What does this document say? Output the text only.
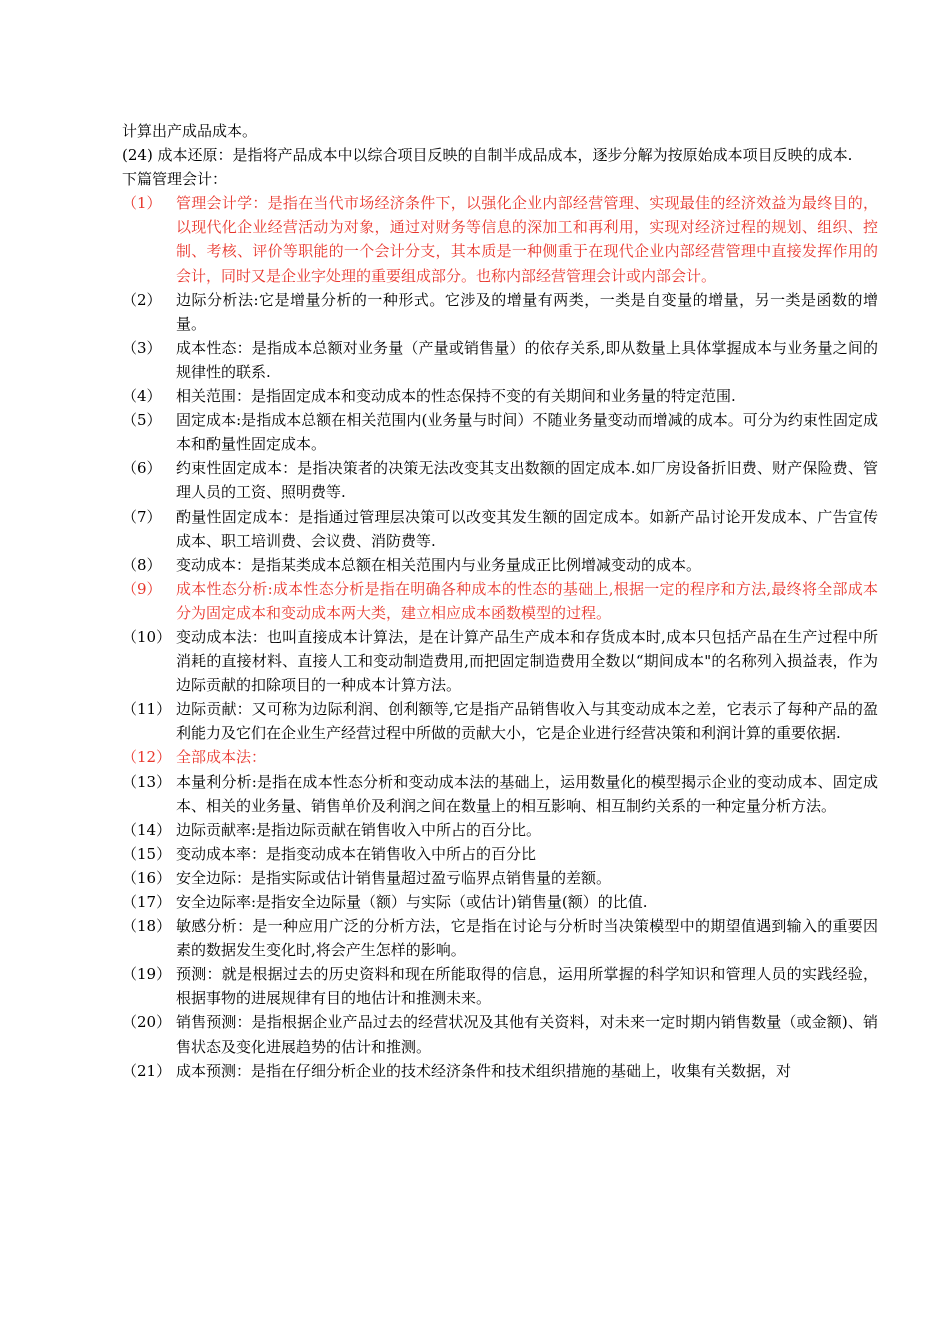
计算出产成品成本。

(24) 成本还原：是指将产品成本中以综合项目反映的自制半成品成本，逐步分解为按原始成本项目反映的成本.

下篇管理会计：

（1） 管理会计学：是指在当代市场经济条件下，以强化企业内部经营管理、实现最佳的经济效益为最终目的，以现代化企业经营活动为对象，通过对财务等信息的深加工和再利用，实现对经济过程的规划、组织、控制、考核、评价等职能的一个会计分支，其本质是一种侧重于在现代企业内部经营管理中直接发挥作用的会计，同时又是企业字处理的重要组成部分。也称内部经营管理会计或内部会计。
（2） 边际分析法:它是增量分析的一种形式。它涉及的增量有两类，一类是自变量的增量，另一类是函数的增量。
（3） 成本性态：是指成本总额对业务量（产量或销售量）的依存关系,即从数量上具体掌握成本与业务量之间的规律性的联系.
（4） 相关范围：是指固定成本和变动成本的性态保持不变的有关期间和业务量的特定范围.
（5） 固定成本:是指成本总额在相关范围内(业务量与时间）不随业务量变动而增减的成本。可分为约束性固定成本和酌量性固定成本。
（6） 约束性固定成本：是指决策者的决策无法改变其支出数额的固定成本.如厂房设备折旧费、财产保险费、管理人员的工资、照明费等.
（7） 酌量性固定成本：是指通过管理层决策可以改变其发生额的固定成本。如新产品讨论开发成本、广告宣传成本、职工培训费、会议费、消防费等.
（8） 变动成本：是指某类成本总额在相关范围内与业务量成正比例增减变动的成本。
（9） 成本性态分析:成本性态分析是指在明确各种成本的性态的基础上,根据一定的程序和方法,最终将全部成本分为固定成本和变动成本两大类，建立相应成本函数模型的过程。
（10） 变动成本法：也叫直接成本计算法，是在计算产品生产成本和存货成本时,成本只包括产品在生产过程中所消耗的直接材料、直接人工和变动制造费用,而把固定制造费用全数以“期间成本"的名称列入损益表，作为边际贡献的扣除项目的一种成本计算方法。
（11） 边际贡献：又可称为边际利润、创利额等,它是指产品销售收入与其变动成本之差，它表示了每种产品的盈利能力及它们在企业生产经营过程中所做的贡献大小，它是企业进行经营决策和利润计算的重要依据.
（12） 全部成本法：
（13） 本量利分析:是指在成本性态分析和变动成本法的基础上，运用数量化的模型揭示企业的变动成本、固定成本、相关的业务量、销售单价及利润之间在数量上的相互影响、相互制约关系的一种定量分析方法。
（14） 边际贡献率:是指边际贡献在销售收入中所占的百分比。
（15） 变动成本率：是指变动成本在销售收入中所占的百分比
（16） 安全边际：是指实际或估计销售量超过盈亏临界点销售量的差额。
（17） 安全边际率:是指安全边际量（额）与实际（或估计)销售量(额）的比值.
（18） 敏感分析：是一种应用广泛的分析方法，它是指在讨论与分析时当决策模型中的期望值遇到输入的重要因素的数据发生变化时,将会产生怎样的影响。
（19） 预测：就是根据过去的历史资料和现在所能取得的信息，运用所掌握的科学知识和管理人员的实践经验，根据事物的进展规律有目的地估计和推测未来。
（20） 销售预测：是指根据企业产品过去的经营状况及其他有关资料，对未来一定时期内销售数量（或金额)、销售状态及变化进展趋势的估计和推测。
（21） 成本预测：是指在仔细分析企业的技术经济条件和技术组织措施的基础上，收集有关数据，对
